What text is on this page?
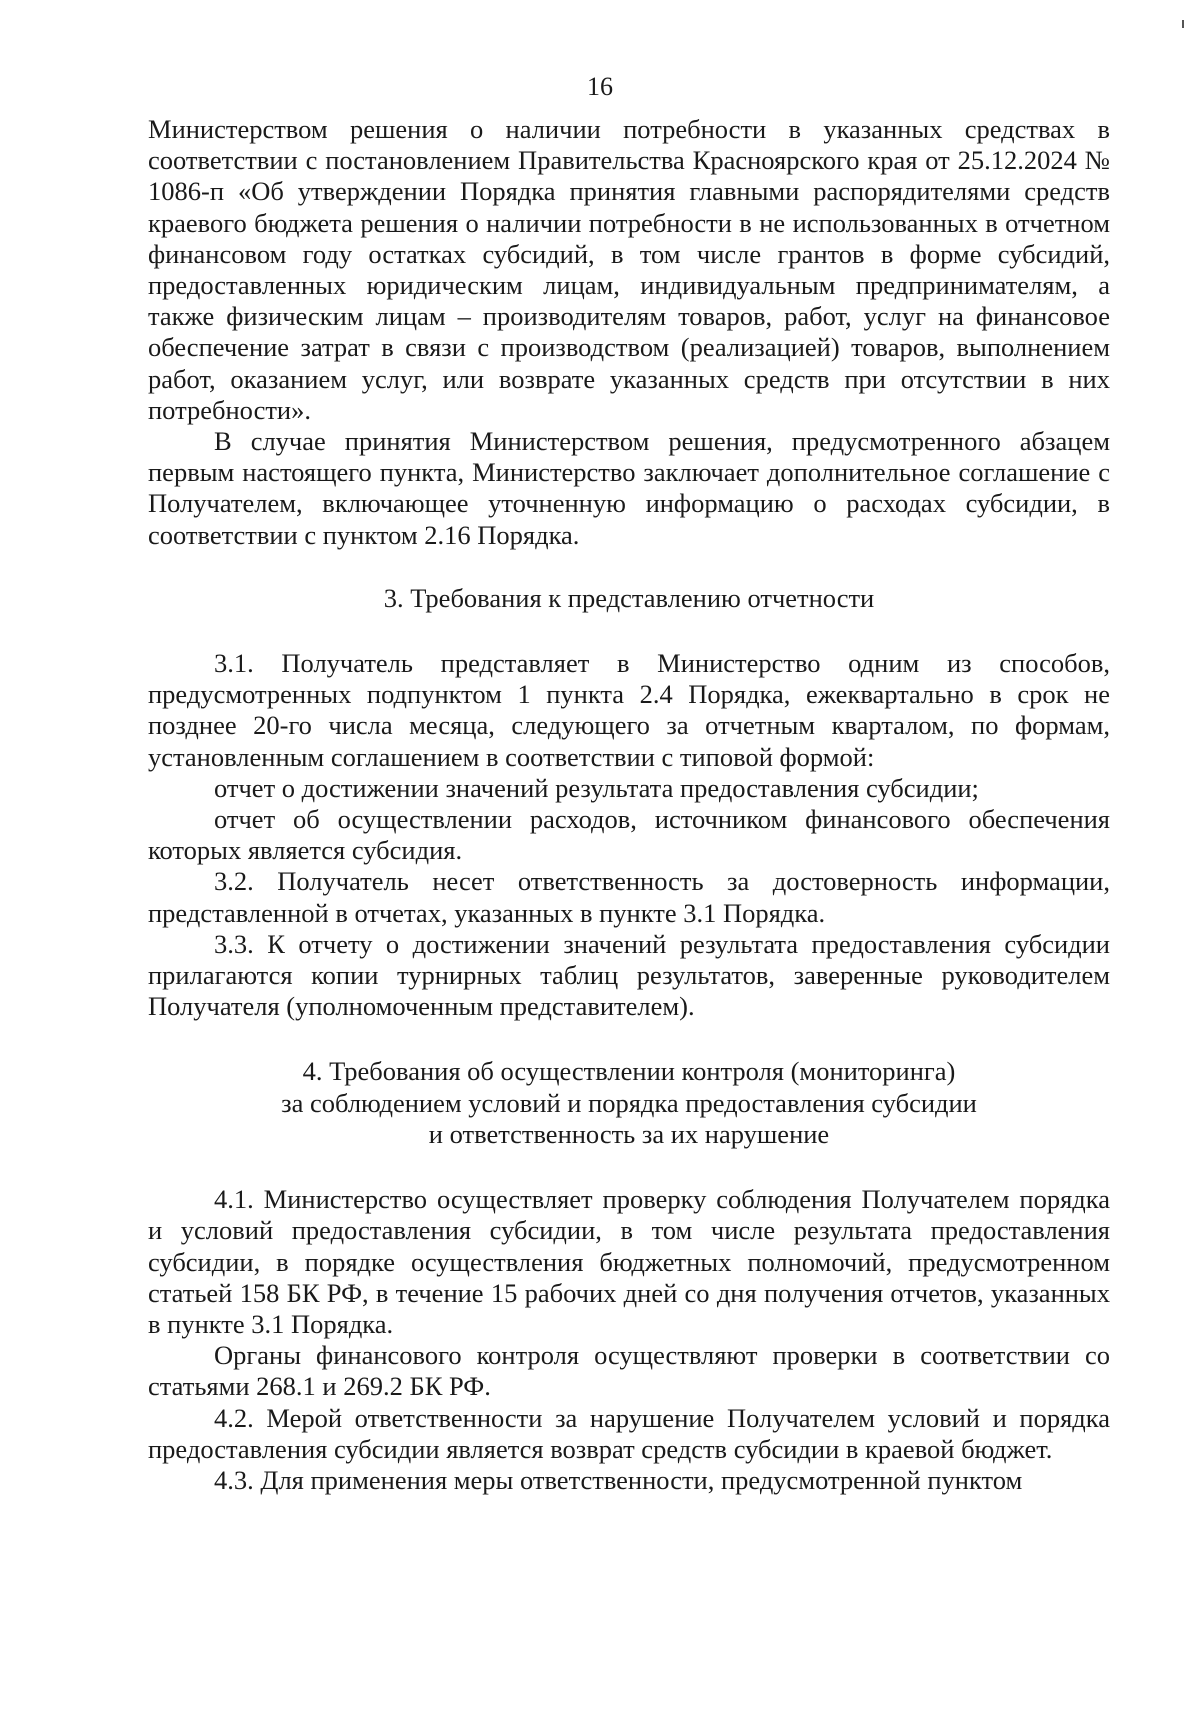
16

Министерством решения о наличии потребности в указанных средствах в соответствии с постановлением Правительства Красноярского края от 25.12.2024 № 1086-п «Об утверждении Порядка принятия главными распорядителями средств краевого бюджета решения о наличии потребности в не использованных в отчетном финансовом году остатках субсидий, в том числе грантов в форме субсидий, предоставленных юридическим лицам, индивидуальным предпринимателям, а также физическим лицам – производителям товаров, работ, услуг на финансовое обеспечение затрат в связи с производством (реализацией) товаров, выполнением работ, оказанием услуг, или возврате указанных средств при отсутствии в них потребности».

В случае принятия Министерством решения, предусмотренного абзацем первым настоящего пункта, Министерство заключает дополнительное соглашение с Получателем, включающее уточненную информацию о расходах субсидии, в соответствии с пунктом 2.16 Порядка.

3. Требования к представлению отчетности

3.1. Получатель представляет в Министерство одним из способов, предусмотренных подпунктом 1 пункта 2.4 Порядка, ежеквартально в срок не позднее 20-го числа месяца, следующего за отчетным кварталом, по формам, установленным соглашением в соответствии с типовой формой:

отчет о достижении значений результата предоставления субсидии;

отчет об осуществлении расходов, источником финансового обеспечения которых является субсидия.

3.2. Получатель несет ответственность за достоверность информации, представленной в отчетах, указанных в пункте 3.1 Порядка.

3.3. К отчету о достижении значений результата предоставления субсидии прилагаются копии турнирных таблиц результатов, заверенные руководителем Получателя (уполномоченным представителем).

4. Требования об осуществлении контроля (мониторинга)
за соблюдением условий и порядка предоставления субсидии
и ответственность за их нарушение

4.1. Министерство осуществляет проверку соблюдения Получателем порядка и условий предоставления субсидии, в том числе результата предоставления субсидии, в порядке осуществления бюджетных полномочий, предусмотренном статьей 158 БК РФ, в течение 15 рабочих дней со дня получения отчетов, указанных в пункте 3.1 Порядка.

Органы финансового контроля осуществляют проверки в соответствии со статьями 268.1 и 269.2 БК РФ.

4.2. Мерой ответственности за нарушение Получателем условий и порядка предоставления субсидии является возврат средств субсидии в краевой бюджет.

4.3. Для применения меры ответственности, предусмотренной пунктом
